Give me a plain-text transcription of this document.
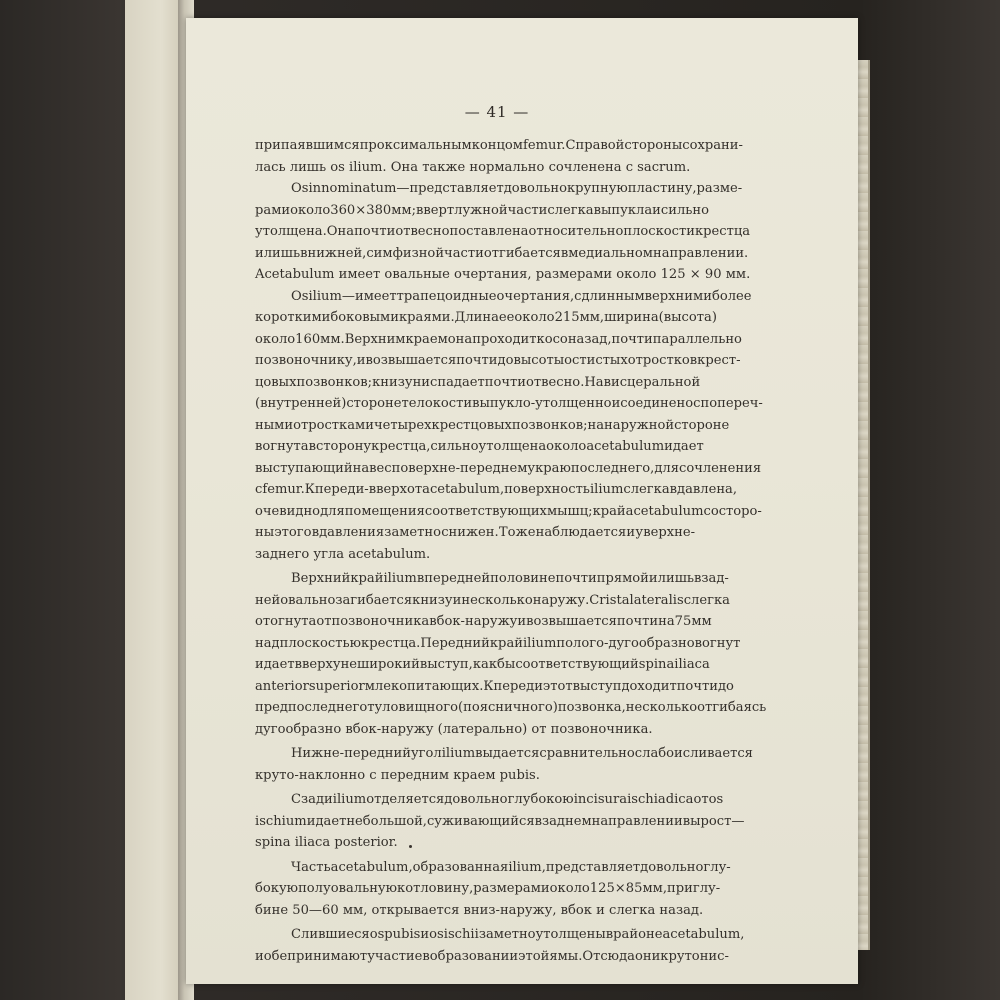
— 41 —
припаявшимся проксимальным концом femur. С правой стороны сохрани-
лась лишь os ilium. Она также нормально сочленена с sacrum.
Os innominatum — представляет довольно крупную пластину, разме-
рами около 360 × 380 мм; в вертлужной части слегка выпукла и сильно
утолщена. Она почти отвесно поставлена относительно плоскости крестца
и лишь в нижней, симфизной части отгибается в медиальном направлении.
Acetabulum имеет овальные очертания, размерами около 125 × 90 мм.
Os ilium—имеет трапецоидные очертания, с длинным верхним и более
короткими боковыми краями. Длина ее около 215 мм, ширина (высота)
около 160 мм. Верхним краем она проходит косо назад, почти параллельно
позвоночнику, и возвышается почти до высоты остистых отростков крест-
цовых позвонков; книзу ниспадает почти отвесно. На висцеральной
(внутренней) стороне тело кости выпукло-утолщенно и соединено с попереч-
ными отростками четырех крестцовых позвонков; на наружной стороне
вогнута в сторону крестца, сильно утолщена около acetabulum и дает
выступающий навес по верхне-переднему краю последнего, для сочленения
с femur. Кпереди-вверх от acetabulum, поверхность ilium слегка вдавлена,
очевидно для помещения соответствующих мышц; край acetabulum со сторо-
ны этого вдавления заметно снижен. То же наблюдается и у верхне-
заднего угла acetabulum.
Верхний край ilium в передней половине почти прямой и лишь в зад-
ней овально загибается книзу и несколько наружу. Crista lateralis слегка
отогнута от позвоночника вбок-наружу и возвышается почти на 75 мм
над плоскостью крестца. Передний край ilium полого-дугообразно вогнут
и дает вверху неширокий выступ, как бы соответствующий spina iliaca
anterior superior млекопитающих. Кпереди этот выступ доходит почти до
предпоследнего туловищного (поясничного) позвонка, несколько отгибаясь
дугообразно вбок-наружу (латерально) от позвоночника.
Нижне-передний угол ilium выдается сравнительно слабо и сливается
круто-наклонно с передним краем pubis.
Сзади ilium отделяется довольно глубокою incisura ischiadica от os
ischium и дает небольшой, суживающийся в заднем направлении вырост—
spina iliaca posterior.
Часть acetabulum, образованная ilium, представляет довольно глу-
бокую полуовальную котловину, размерами около 125 × 85 мм, при глу-
бине 50—60 мм, открывается вниз-наружу, вбок и слегка назад.
Слившиеся os pubis и os ischii заметно утолщены в районе acetabulum,
и обе принимают участие в образовании этой ямы. Отсюда они круто нис-
